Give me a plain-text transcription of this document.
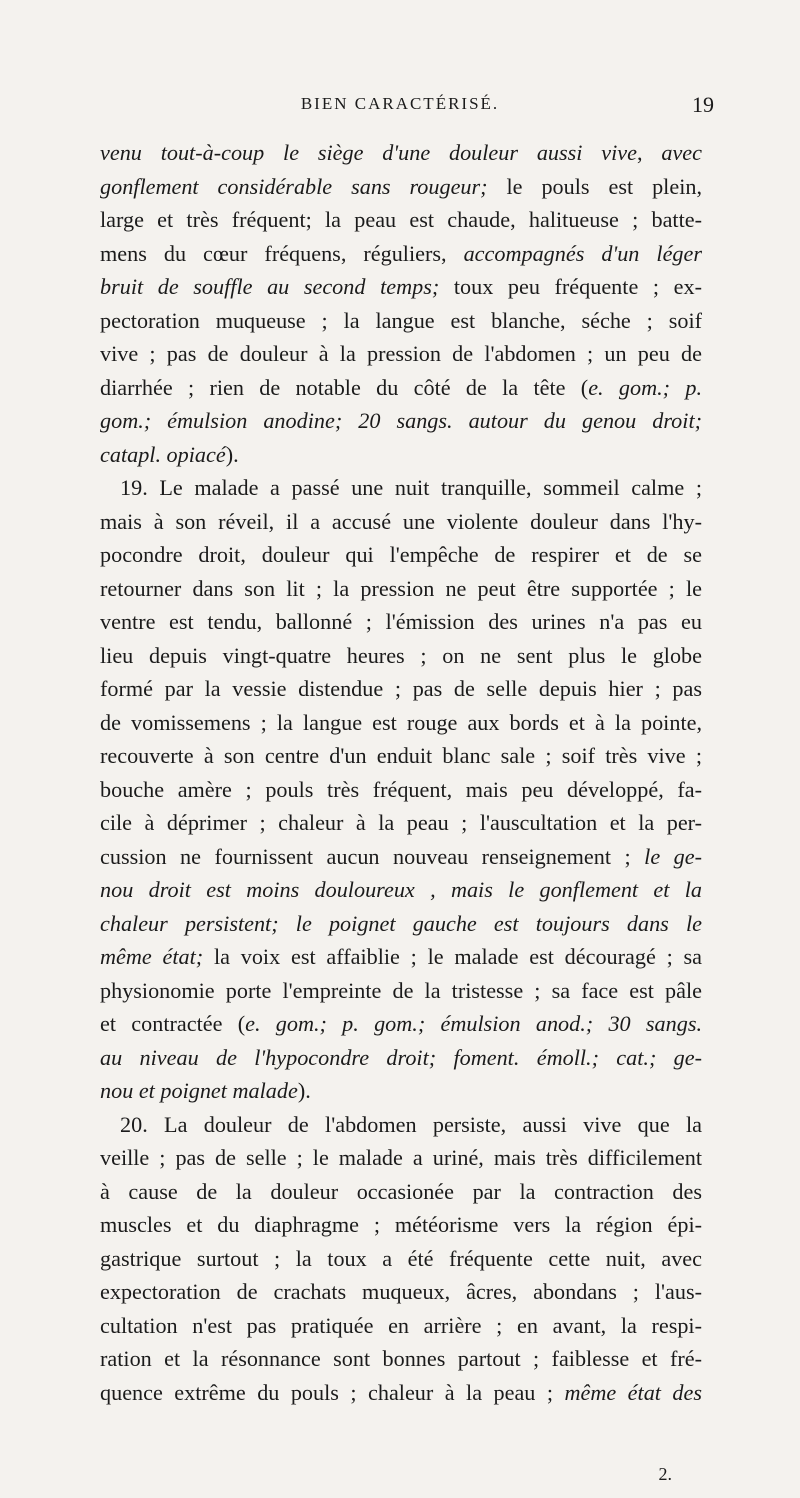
BIEN CARACTÉRISÉ.	19
venu tout-à-coup le siège d'une douleur aussi vive, avec
gonflement considérable sans rougeur; le pouls est plein,
large et très fréquent; la peau est chaude, halitueuse ; batte-
mens du cœur fréquens, réguliers, accompagnés d'un léger
bruit de souffle au second temps; toux peu fréquente ; ex-
pectoration muqueuse ; la langue est blanche, séche ; soif
vive ; pas de douleur à la pression de l'abdomen ; un peu de
diarrhée ; rien de notable du côté de la tête (e. gom.; p.
gom.; émulsion anodine; 20 sangs. autour du genou droit;
catapl. opiacé).
19. Le malade a passé une nuit tranquille, sommeil calme ;
mais à son réveil, il a accusé une violente douleur dans l'hy-
pocondre droit, douleur qui l'empêche de respirer et de se
retourner dans son lit ; la pression ne peut être supportée ; le
ventre est tendu, ballonné ; l'émission des urines n'a pas eu
lieu depuis vingt-quatre heures ; on ne sent plus le globe
formé par la vessie distendue ; pas de selle depuis hier ; pas
de vomissemens ; la langue est rouge aux bords et à la pointe,
recouverte à son centre d'un enduit blanc sale ; soif très vive ;
bouche amère ; pouls très fréquent, mais peu développé, fa-
cile à déprimer ; chaleur à la peau ; l'auscultation et la per-
cussion ne fournissent aucun nouveau renseignement ; le ge-
nou droit est moins douloureux , mais le gonflement et la
chaleur persistent; le poignet gauche est toujours dans le
même état; la voix est affaiblie ; le malade est découragé ; sa
physionomie porte l'empreinte de la tristesse ; sa face est pâle
et contractée (e. gom.; p. gom.; émulsion anod.; 30 sangs.
au niveau de l'hypocondre droit; foment. émoll.; cat.; ge-
nou et poignet malade).
20. La douleur de l'abdomen persiste, aussi vive que la
veille ; pas de selle ; le malade a uriné, mais très difficilement
à cause de la douleur occasionée par la contraction des
muscles et du diaphragme ; météorisme vers la région épi-
gastrique surtout ; la toux a été fréquente cette nuit, avec
expectoration de crachats muqueux, âcres, abondans ; l'aus-
cultation n'est pas pratiquée en arrière ; en avant, la respi-
ration et la résonnance sont bonnes partout ; faiblesse et fré-
quence extrême du pouls ; chaleur à la peau ; même état des
2.
